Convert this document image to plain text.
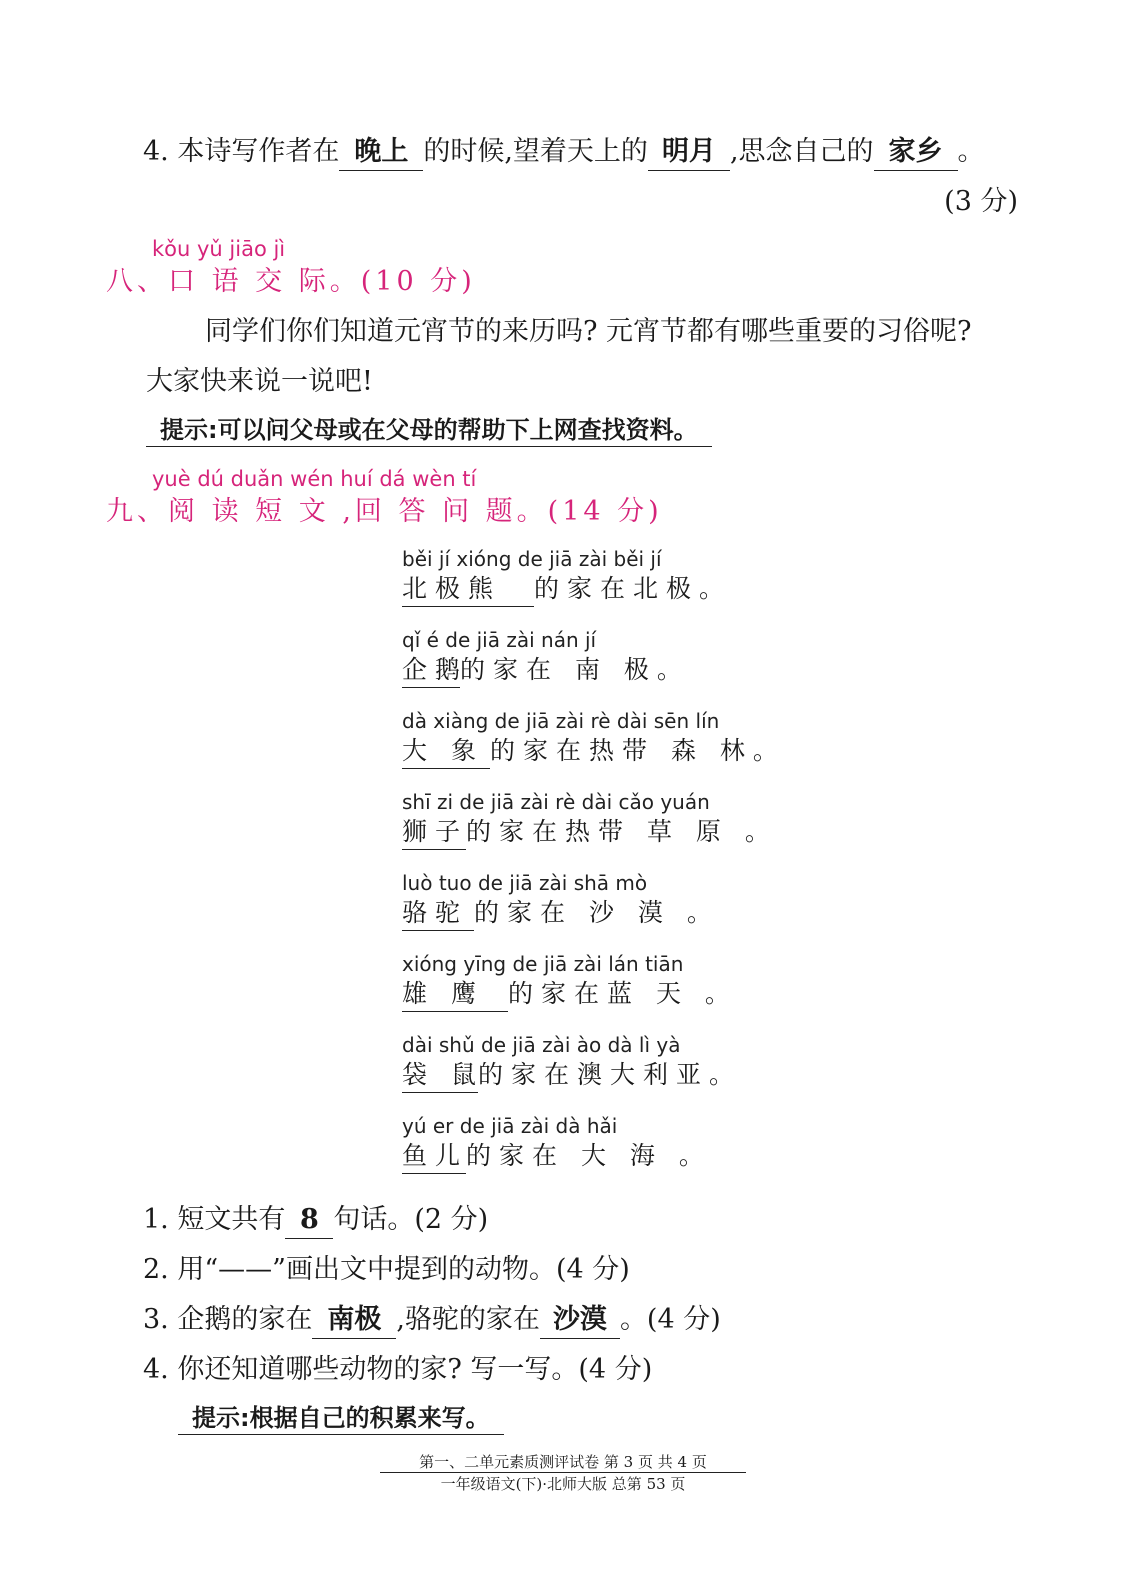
4. 本诗写作者在 晚上 的时候,望着天上的 明月 ,思念自己的 家乡 。
(3 分)
kǒu yǔ jiāo jì
八、口 语 交 际。(10 分)
同学们你们知道元宵节的来历吗? 元宵节都有哪些重要的习俗呢?
大家快来说一说吧!
提示:可以问父母或在父母的帮助下上网查找资料。
yuè dú duǎn wén huí dá wèn tí
九、阅 读 短 文 ,回 答 问 题。(14 分)
běi jí xióng de jiā zài běi jí
北极熊 的家在北极。
qǐ é de jiā zài nán jí
企鹅的家在 南 极。
dà xiàng de jiā zài rè dài sēn lín
大 象 的家在热带 森 林。
shī zi de jiā zài rè dài cǎo yuán
狮子的家在热带 草 原 。
luò tuo de jiā zài shā mò
骆驼 的家在 沙 漠 。
xióng yīng de jiā zài lán tiān
雄 鹰 的家在蓝 天 。
dài shǔ de jiā zài ào dà lì yà
袋 鼠的家在澳大利亚。
yú er de jiā zài dà hǎi
鱼儿的家在 大 海 。
1. 短文共有 8 句话。(2 分)
2. 用“——”画出文中提到的动物。(4 分)
3. 企鹅的家在 南极 ,骆驼的家在 沙漠 。(4 分)
4. 你还知道哪些动物的家? 写一写。(4 分)
提示:根据自己的积累来写。
第一、二单元素质测评试卷 第 3 页 共 4 页
一年级语文(下)·北师大版 总第 53 页
